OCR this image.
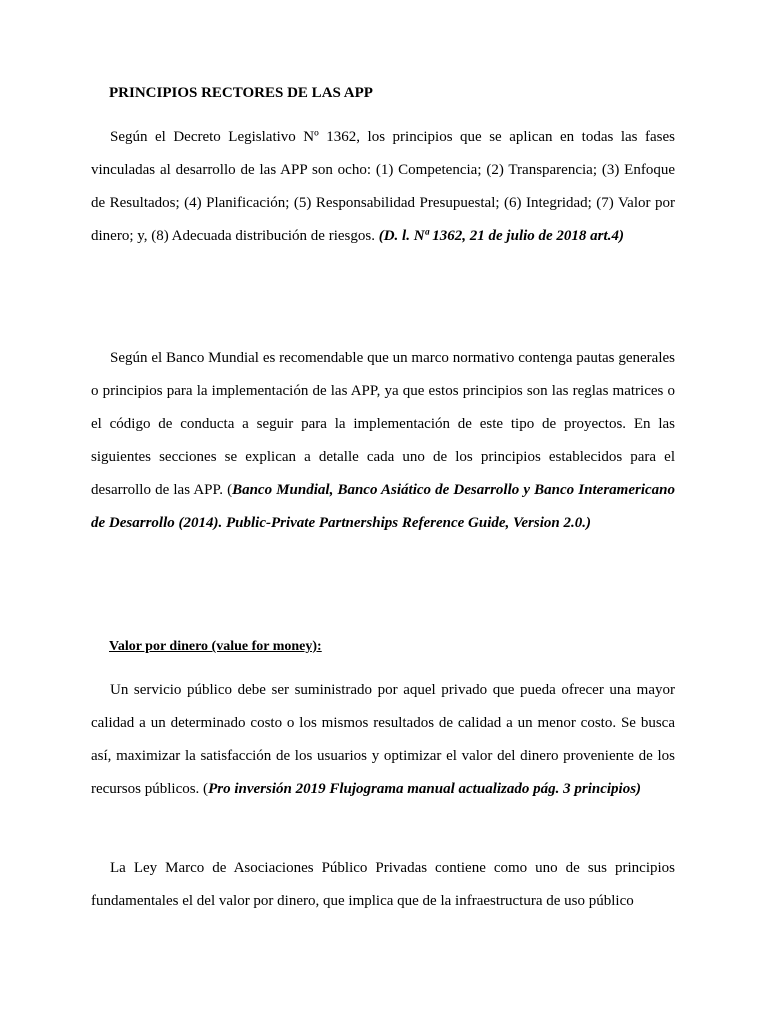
PRINCIPIOS RECTORES DE LAS APP

Según el Decreto Legislativo Nº 1362, los principios que se aplican en todas las fases vinculadas al desarrollo de las APP son ocho: (1) Competencia; (2) Transparencia; (3) Enfoque de Resultados; (4) Planificación; (5) Responsabilidad Presupuestal; (6) Integridad; (7) Valor por dinero; y, (8) Adecuada distribución de riesgos. (D. l. Nª 1362, 21 de julio de 2018 art.4)

Según el Banco Mundial es recomendable que un marco normativo contenga pautas generales o principios para la implementación de las APP, ya que estos principios son las reglas matrices o el código de conducta a seguir para la implementación de este tipo de proyectos. En las siguientes secciones se explican a detalle cada uno de los principios establecidos para el desarrollo de las APP. (Banco Mundial, Banco Asiático de Desarrollo y Banco Interamericano de Desarrollo (2014). Public-Private Partnerships Reference Guide, Version 2.0.)

Valor por dinero (value for money):

Un servicio público debe ser suministrado por aquel privado que pueda ofrecer una mayor calidad a un determinado costo o los mismos resultados de calidad a un menor costo. Se busca así, maximizar la satisfacción de los usuarios y optimizar el valor del dinero proveniente de los recursos públicos. (Pro inversión 2019 Flujograma manual actualizado pág. 3 principios)

La Ley Marco de Asociaciones Público Privadas contiene como uno de sus principios fundamentales el del valor por dinero, que implica que de la infraestructura de uso público
